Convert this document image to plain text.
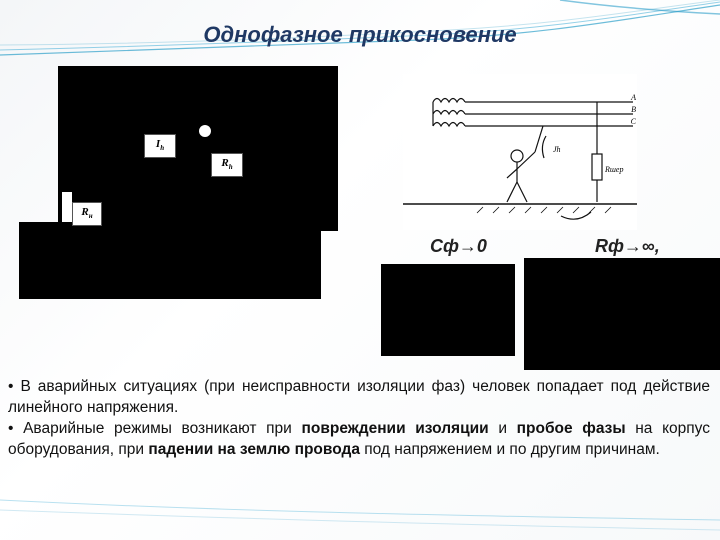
Однофазное прикосновение
$I_h$
$R_h$
$R_н$
A
B
C
Jh
Rшер
Cф→0	Rф→∞,

• В аварийных ситуациях (при неисправности изоляции фаз) человек попадает под действие линейного напряжения.

• Аварийные режимы возникают при повреждении изоляции и пробое фазы на корпус оборудования, при падении на землю провода под напряжением и по другим причинам.
